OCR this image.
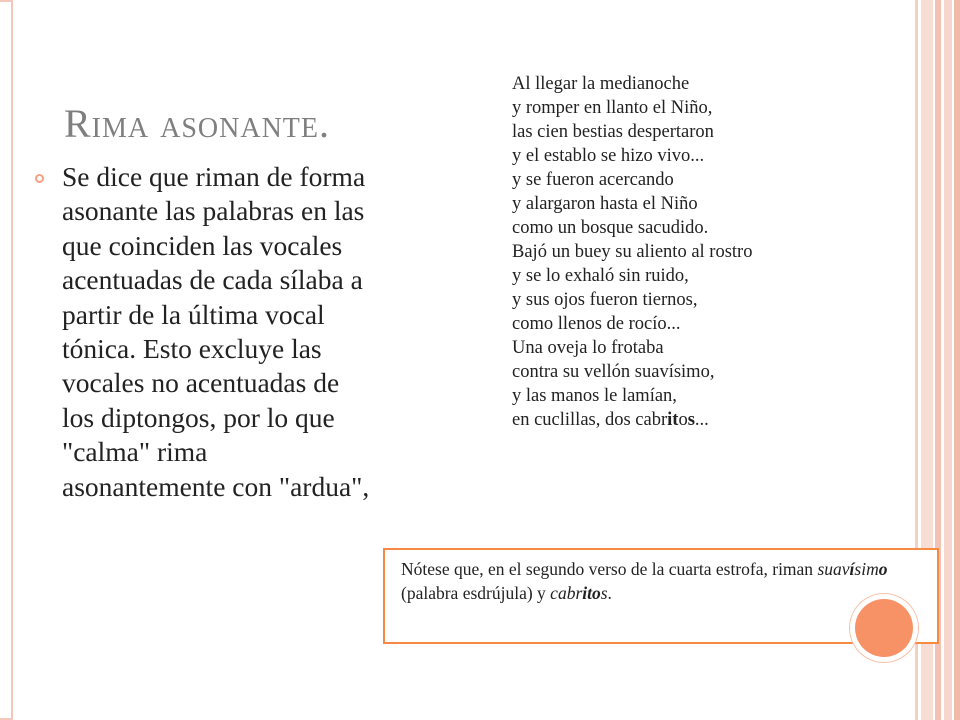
Rima asonante.
Se dice que riman de forma asonante las palabras en las que coinciden las vocales acentuadas de cada sílaba a partir de la última vocal tónica. Esto excluye las vocales no acentuadas de los diptongos, por lo que "calma" rima asonantemente con "ardua",
Al llegar la medianoche
y romper en llanto el Niño,
las cien bestias despertaron
y el establo se hizo vivo...
y se fueron acercando
y alargaron hasta el Niño
como un bosque sacudido.
Bajó un buey su aliento al rostro
y se lo exhaló sin ruido,
y sus ojos fueron tiernos,
como llenos de rocío...
Una oveja lo frotaba
contra su vellón suavísimo,
y las manos le lamían,
en cuclillas, dos cabritos...
Nótese que, en el segundo verso de la cuarta estrofa, riman suavísimo (palabra esdrújula) y cabritos.
